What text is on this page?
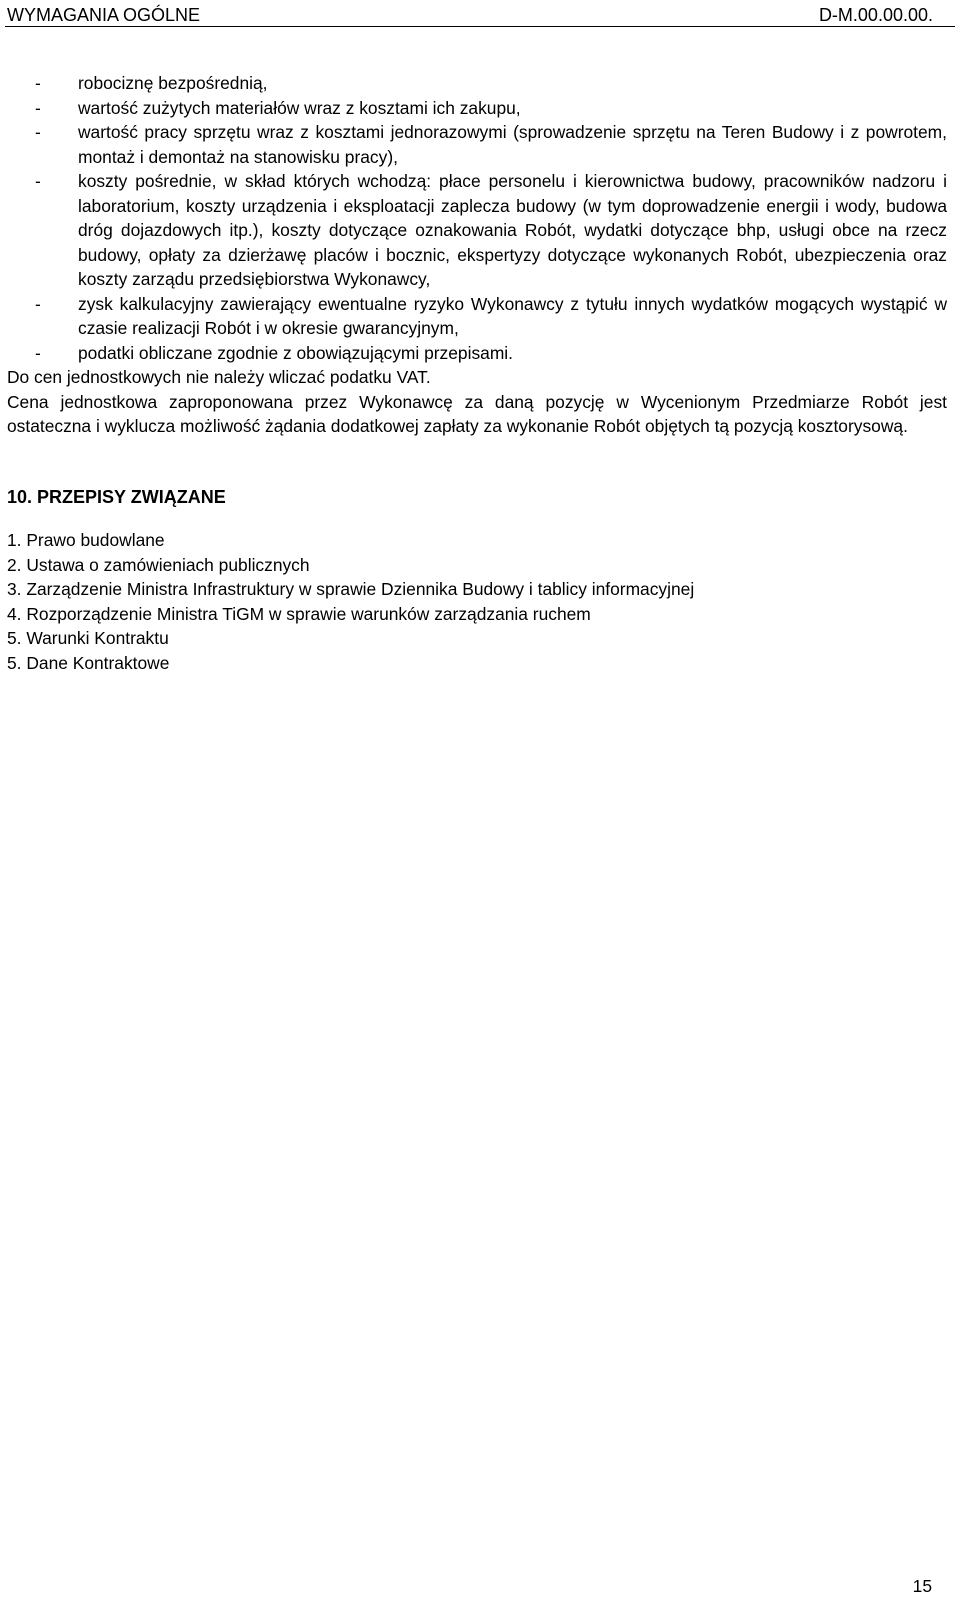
WYMAGANIA OGÓLNE	D-M.00.00.00.
- robociznę bezpośrednią,
- wartość zużytych materiałów wraz z kosztami ich zakupu,
- wartość pracy sprzętu wraz z kosztami jednorazowymi (sprowadzenie sprzętu na Teren Budowy i z powrotem, montaż i demontaż na stanowisku pracy),
- koszty pośrednie, w skład których wchodzą: płace personelu i kierownictwa budowy, pracowników nadzoru i laboratorium, koszty urządzenia i eksploatacji zaplecza budowy (w tym doprowadzenie energii i wody, budowa dróg dojazdowych itp.), koszty dotyczące oznakowania Robót, wydatki dotyczące bhp, usługi obce na rzecz budowy, opłaty za dzierżawę placów i bocznic, ekspertyzy dotyczące wykonanych Robót, ubezpieczenia oraz koszty zarządu przedsiębiorstwa Wykonawcy,
- zysk kalkulacyjny zawierający ewentualne ryzyko Wykonawcy z tytułu innych wydatków mogących wystąpić w czasie realizacji Robót i w okresie gwarancyjnym,
- podatki obliczane zgodnie z obowiązującymi przepisami.

Do cen jednostkowych nie należy wliczać podatku VAT.

Cena jednostkowa zaproponowana przez Wykonawcę za daną pozycję w Wycenionym Przedmiarze Robót jest ostateczna i wyklucza możliwość żądania dodatkowej zapłaty za wykonanie Robót objętych tą pozycją kosztorysową.

10. PRZEPISY ZWIĄZANE

1. Prawo budowlane
2. Ustawa o zamówieniach publicznych
3. Zarządzenie Ministra Infrastruktury w sprawie Dziennika Budowy i tablicy informacyjnej
4. Rozporządzenie Ministra TiGM w sprawie warunków zarządzania ruchem
5. Warunki Kontraktu
5. Dane Kontraktowe
15
